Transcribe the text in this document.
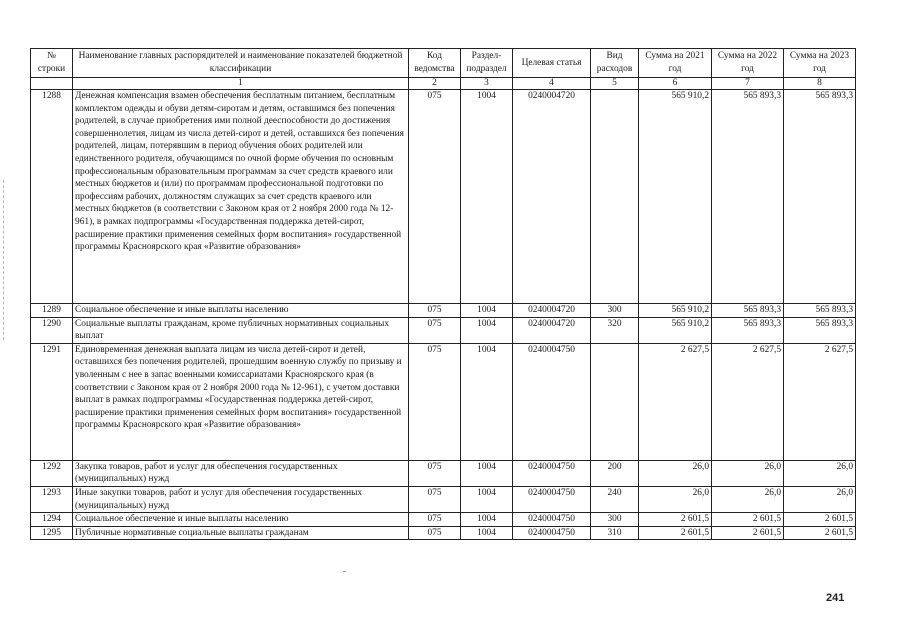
№ строки	Наименование главных распорядителей и наименование показателей бюджетной классификации	Код ведомства	Раздел-подраздел	Целевая статья	Вид расходов	Сумма на 2021 год	Сумма на 2022 год	Сумма на 2023 год
	1	2	3	4	5	6	7	8
1288	Денежная компенсация взамен обеспечения бесплатным питанием, бесплатным комплектом одежды и обуви детям-сиротам и детям, оставшимся без попечения родителей, в случае приобретения ими полной дееспособности до достижения совершеннолетия, лицам из числа детей-сирот и детей, оставшихся без попечения родителей, лицам, потерявшим в период обучения обоих родителей или единственного родителя, обучающимся по очной форме обучения по основным профессиональным образовательным программам за счет средств краевого или местных бюджетов и (или) по программам профессиональной подготовки по профессиям рабочих, должностям служащих за счет средств краевого или местных бюджетов (в соответствии с Законом края от 2 ноября 2000 года № 12-961), в рамках подпрограммы «Государственная поддержка детей-сирот, расширение практики применения семейных форм воспитания» государственной программы Красноярского края «Развитие образования»	075	1004	0240004720		565 910,2	565 893,3	565 893,3
1289	Социальное обеспечение и иные выплаты населению	075	1004	0240004720	300	565 910,2	565 893,3	565 893,3
1290	Социальные выплаты гражданам, кроме публичных нормативных социальных выплат	075	1004	0240004720	320	565 910,2	565 893,3	565 893,3
1291	Единовременная денежная выплата лицам из числа детей-сирот и детей, оставшихся без попечения родителей, прошедшим военную службу по призыву и уволенным с нее в запас военными комиссариатами Красноярского края (в соответствии с Законом края от 2 ноября 2000 года № 12-961), с учетом доставки выплат в рамках подпрограммы «Государственная поддержка детей-сирот, расширение практики применения семейных форм воспитания» государственной программы Красноярского края «Развитие образования»	075	1004	0240004750		2 627,5	2 627,5	2 627,5
1292	Закупка товаров, работ и услуг для обеспечения государственных (муниципальных) нужд	075	1004	0240004750	200	26,0	26,0	26,0
1293	Иные закупки товаров, работ и услуг для обеспечения государственных (муниципальных) нужд	075	1004	0240004750	240	26,0	26,0	26,0
1294	Социальное обеспечение и иные выплаты населению	075	1004	0240004750	300	2 601,5	2 601,5	2 601,5
1295	Публичные нормативные социальные выплаты гражданам	075	1004	0240004750	310	2 601,5	2 601,5	2 601,5
241
